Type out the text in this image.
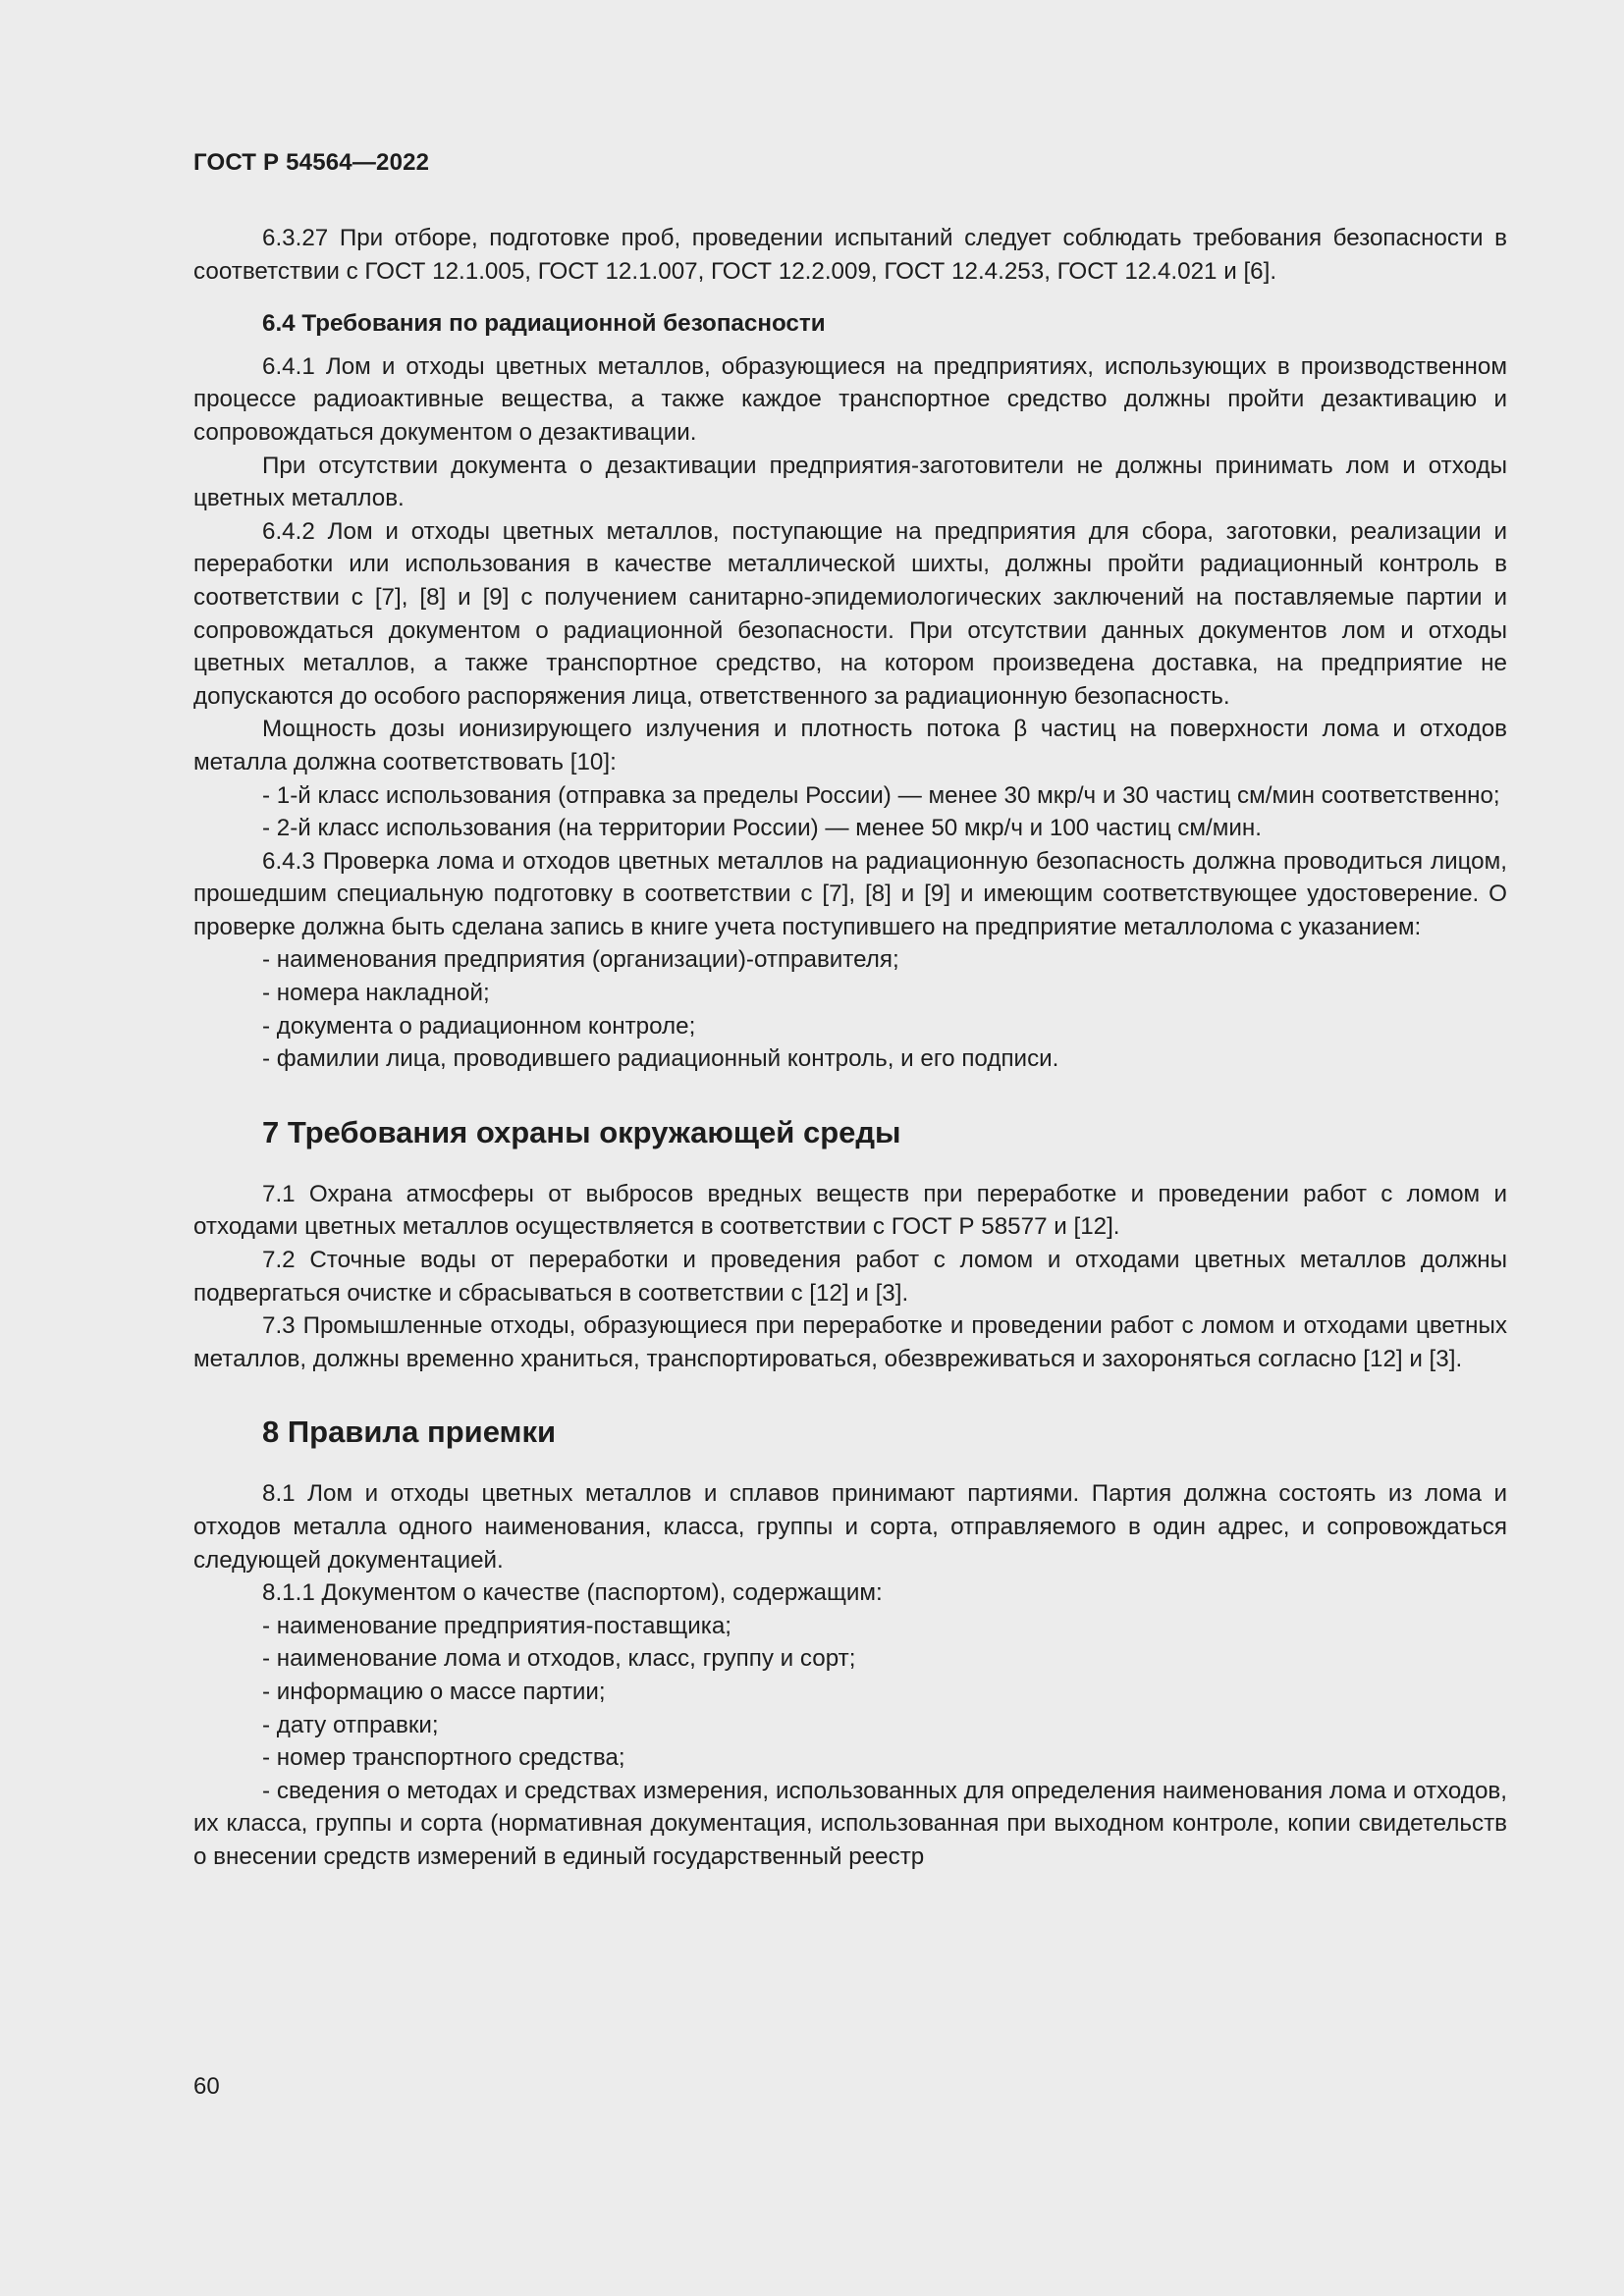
ГОСТ Р 54564—2022

6.3.27 При отборе, подготовке проб, проведении испытаний следует соблюдать требования безопасности в соответствии с ГОСТ 12.1.005, ГОСТ 12.1.007, ГОСТ 12.2.009, ГОСТ 12.4.253, ГОСТ 12.4.021 и [6].

6.4 Требования по радиационной безопасности

6.4.1 Лом и отходы цветных металлов, образующиеся на предприятиях, использующих в производственном процессе радиоактивные вещества, а также каждое транспортное средство должны пройти дезактивацию и сопровождаться документом о дезактивации.

При отсутствии документа о дезактивации предприятия-заготовители не должны принимать лом и отходы цветных металлов.

6.4.2 Лом и отходы цветных металлов, поступающие на предприятия для сбора, заготовки, реализации и переработки или использования в качестве металлической шихты, должны пройти радиационный контроль в соответствии с [7], [8] и [9] с получением санитарно-эпидемиологических заключений на поставляемые партии и сопровождаться документом о радиационной безопасности. При отсутствии данных документов лом и отходы цветных металлов, а также транспортное средство, на котором произведена доставка, на предприятие не допускаются до особого распоряжения лица, ответственного за радиационную безопасность.

Мощность дозы ионизирующего излучения и плотность потока β частиц на поверхности лома и отходов металла должна соответствовать [10]:

- 1-й класс использования (отправка за пределы России) — менее 30 мкр/ч и 30 частиц см/мин соответственно;

- 2-й класс использования (на территории России) — менее 50 мкр/ч и 100 частиц см/мин.

6.4.3 Проверка лома и отходов цветных металлов на радиационную безопасность должна проводиться лицом, прошедшим специальную подготовку в соответствии с [7], [8] и [9] и имеющим соответствующее удостоверение. О проверке должна быть сделана запись в книге учета поступившего на предприятие металлолома с указанием:

- наименования предприятия (организации)-отправителя;

- номера накладной;

- документа о радиационном контроле;

- фамилии лица, проводившего радиационный контроль, и его подписи.

7 Требования охраны окружающей среды

7.1 Охрана атмосферы от выбросов вредных веществ при переработке и проведении работ с ломом и отходами цветных металлов осуществляется в соответствии с ГОСТ Р 58577 и [12].

7.2 Сточные воды от переработки и проведения работ с ломом и отходами цветных металлов должны подвергаться очистке и сбрасываться в соответствии с [12] и [3].

7.3 Промышленные отходы, образующиеся при переработке и проведении работ с ломом и отходами цветных металлов, должны временно храниться, транспортироваться, обезвреживаться и захороняться согласно [12] и [3].

8 Правила приемки

8.1 Лом и отходы цветных металлов и сплавов принимают партиями. Партия должна состоять из лома и отходов металла одного наименования, класса, группы и сорта, отправляемого в один адрес, и сопровождаться следующей документацией.

8.1.1 Документом о качестве (паспортом), содержащим:

- наименование предприятия-поставщика;

- наименование лома и отходов, класс, группу и сорт;

- информацию о массе партии;

- дату отправки;

- номер транспортного средства;

- сведения о методах и средствах измерения, использованных для определения наименования лома и отходов, их класса, группы и сорта (нормативная документация, использованная при выходном контроле, копии свидетельств о внесении средств измерений в единый государственный реестр

60
